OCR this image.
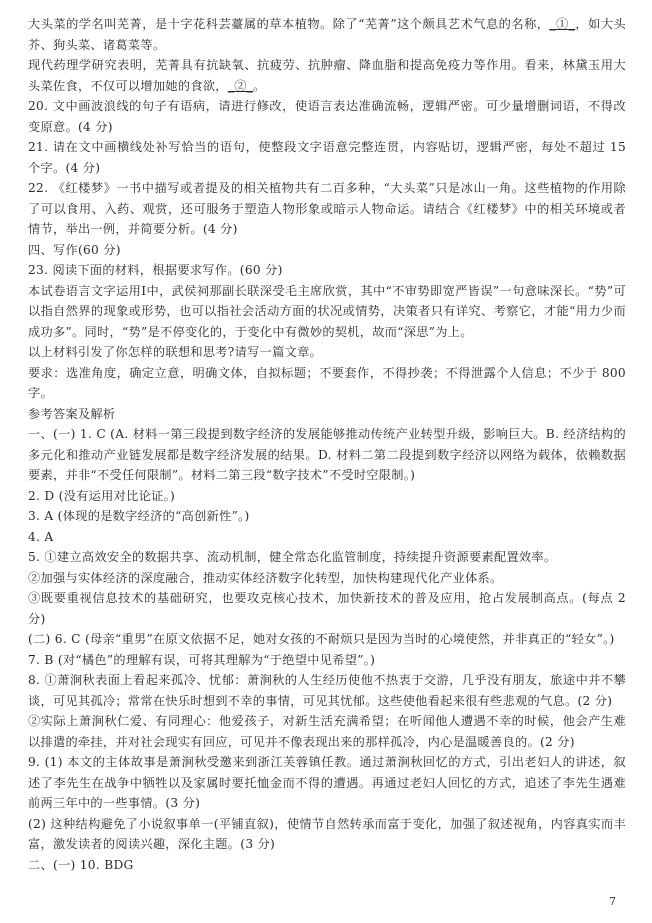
大头菜的学名叫芜菁，是十字花科芸薹属的草本植物。除了“芜菁”这个颇具艺术气息的名称，_①_，如大头芥、狗头菜、诸葛菜等。

现代药理学研究表明，芜菁具有抗缺氧、抗疲劳、抗肿瘤、降血脂和提高免疫力等作用。看来，林黛玉用大头菜佐食，不仅可以增加她的食欲，_②_。

20. 文中画波浪线的句子有语病，请进行修改，使语言表达准确流畅，逻辑严密。可少量增删词语，不得改变原意。(4 分)

21. 请在文中画横线处补写恰当的语句，使整段文字语意完整连贯，内容贴切，逻辑严密，每处不超过 15 个字。(4 分)

22. 《红楼梦》一书中描写或者提及的相关植物共有二百多种，“大头菜”只是冰山一角。这些植物的作用除了可以食用、入药、观赏，还可服务于塑造人物形象或暗示人物命运。请结合《红楼梦》中的相关环境或者情节，举出一例，并简要分析。(4 分)

四、写作(60 分)

23. 阅读下面的材料，根据要求写作。(60 分)

本试卷语言文字运用Ⅰ中，武侯祠那副长联深受毛主席欣赏，其中“不审势即宽严皆误”一句意味深长。“势”可以指自然界的现象或形势，也可以指社会活动方面的状况或情势，决策者只有详究、考察它，才能“用力少而成功多”。同时，“势”是不停变化的，于变化中有微妙的契机，故而“深思”为上。

以上材料引发了你怎样的联想和思考?请写一篇文章。

要求：选准角度，确定立意，明确文体，自拟标题；不要套作，不得抄袭；不得泄露个人信息；不少于 800 字。

参考答案及解析

一、(一) 1. C (A. 材料一第三段提到数字经济的发展能够推动传统产业转型升级，影响巨大。B. 经济结构的多元化和推动产业链发展都是数字经济发展的结果。D. 材料二第二段提到数字经济以网络为载体，依赖数据要素，并非“不受任何限制”。材料二第三段“数字技术”不受时空限制。)

2. D (没有运用对比论证。)

3. A (体现的是数字经济的“高创新性”。)

4. A

5. ①建立高效安全的数据共享、流动机制，健全常态化监管制度，持续提升资源要素配置效率。

②加强与实体经济的深度融合，推动实体经济数字化转型，加快构建现代化产业体系。

③既要重视信息技术的基础研究，也要攻克核心技术，加快新技术的普及应用，抢占发展制高点。(每点 2 分)

(二) 6. C (母亲“重男”在原文依据不足，她对女孩的不耐烦只是因为当时的心境使然，并非真正的“轻女”。)

7. B (对“橘色”的理解有误，可将其理解为“于绝望中见希望”。)

8. ①萧涧秋表面上看起来孤冷、忧郁：萧涧秋的人生经历使他不热衷于交游，几乎没有朋友，旅途中并不攀谈，可见其孤冷；常常在快乐时想到不幸的事情，可见其忧郁。这些使他看起来很有些悲观的气息。(2 分)

②实际上萧涧秋仁爱、有同理心：他爱孩子，对新生活充满希望；在听闻他人遭遇不幸的时候，他会产生难以排遣的牵挂，并对社会现实有回应，可见并不像表现出来的那样孤冷，内心是温暖善良的。(2 分)

9. (1) 本文的主体故事是萧涧秋受邀来到浙江芙蓉镇任教。通过萧涧秋回忆的方式，引出老妇人的讲述，叙述了李先生在战争中牺牲以及家属时要托恤金而不得的遭遇。再通过老妇人回忆的方式，追述了李先生遇难前两三年中的一些事情。(3 分)

(2) 这种结构避免了小说叙事单一(平铺直叙)，使情节自然转承而富于变化，加强了叙述视角，内容真实而丰富，激发读者的阅读兴趣，深化主题。(3 分)

二、(一) 10. BDG

7
